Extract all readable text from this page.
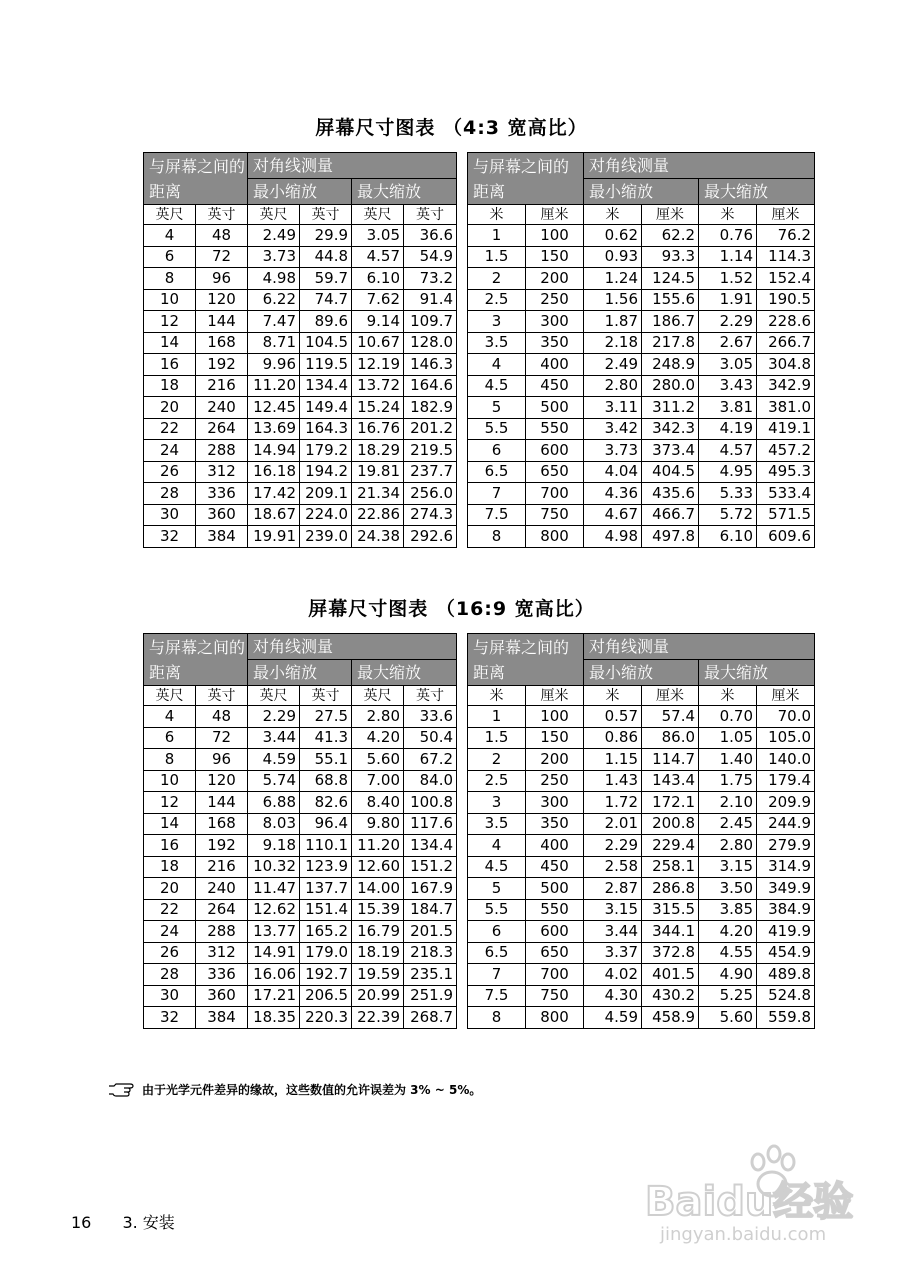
屏幕尺寸图表 （4:3 宽高比）
与屏幕之间的距离		对角线测量			
		最小缩放		最大缩放	
英尺	英寸	英尺	英寸	英尺	英寸
4	48	2.49	29.9	3.05	36.6
6	72	3.73	44.8	4.57	54.9
8	96	4.98	59.7	6.10	73.2
10	120	6.22	74.7	7.62	91.4
12	144	7.47	89.6	9.14	109.7
14	168	8.71	104.5	10.67	128.0
16	192	9.96	119.5	12.19	146.3
18	216	11.20	134.4	13.72	164.6
20	240	12.45	149.4	15.24	182.9
22	264	13.69	164.3	16.76	201.2
24	288	14.94	179.2	18.29	219.5
26	312	16.18	194.2	19.81	237.7
28	336	17.42	209.1	21.34	256.0
30	360	18.67	224.0	22.86	274.3
32	384	19.91	239.0	24.38	292.6
与屏幕之间的距离		对角线测量			
		最小缩放		最大缩放	
米	厘米	米	厘米	米	厘米
1	100	0.62	62.2	0.76	76.2
1.5	150	0.93	93.3	1.14	114.3
2	200	1.24	124.5	1.52	152.4
2.5	250	1.56	155.6	1.91	190.5
3	300	1.87	186.7	2.29	228.6
3.5	350	2.18	217.8	2.67	266.7
4	400	2.49	248.9	3.05	304.8
4.5	450	2.80	280.0	3.43	342.9
5	500	3.11	311.2	3.81	381.0
5.5	550	3.42	342.3	4.19	419.1
6	600	3.73	373.4	4.57	457.2
6.5	650	4.04	404.5	4.95	495.3
7	700	4.36	435.6	5.33	533.4
7.5	750	4.67	466.7	5.72	571.5
8	800	4.98	497.8	6.10	609.6
屏幕尺寸图表 （16:9 宽高比）
与屏幕之间的距离		对角线测量			
		最小缩放		最大缩放	
英尺	英寸	英尺	英寸	英尺	英寸
4	48	2.29	27.5	2.80	33.6
6	72	3.44	41.3	4.20	50.4
8	96	4.59	55.1	5.60	67.2
10	120	5.74	68.8	7.00	84.0
12	144	6.88	82.6	8.40	100.8
14	168	8.03	96.4	9.80	117.6
16	192	9.18	110.1	11.20	134.4
18	216	10.32	123.9	12.60	151.2
20	240	11.47	137.7	14.00	167.9
22	264	12.62	151.4	15.39	184.7
24	288	13.77	165.2	16.79	201.5
26	312	14.91	179.0	18.19	218.3
28	336	16.06	192.7	19.59	235.1
30	360	17.21	206.5	20.99	251.9
32	384	18.35	220.3	22.39	268.7
与屏幕之间的距离		对角线测量			
		最小缩放		最大缩放	
米	厘米	米	厘米	米	厘米
1	100	0.57	57.4	0.70	70.0
1.5	150	0.86	86.0	1.05	105.0
2	200	1.15	114.7	1.40	140.0
2.5	250	1.43	143.4	1.75	179.4
3	300	1.72	172.1	2.10	209.9
3.5	350	2.01	200.8	2.45	244.9
4	400	2.29	229.4	2.80	279.9
4.5	450	2.58	258.1	3.15	314.9
5	500	2.87	286.8	3.50	349.9
5.5	550	3.15	315.5	3.85	384.9
6	600	3.44	344.1	4.20	419.9
6.5	650	3.37	372.8	4.55	454.9
7	700	4.02	401.5	4.90	489.8
7.5	750	4.30	430.2	5.25	524.8
8	800	4.59	458.9	5.60	559.8
由于光学元件差异的缘故，这些数值的允许误差为 3% ~ 5%。
16 3. 安装	Baidu经验
jingyan.baidu.com
